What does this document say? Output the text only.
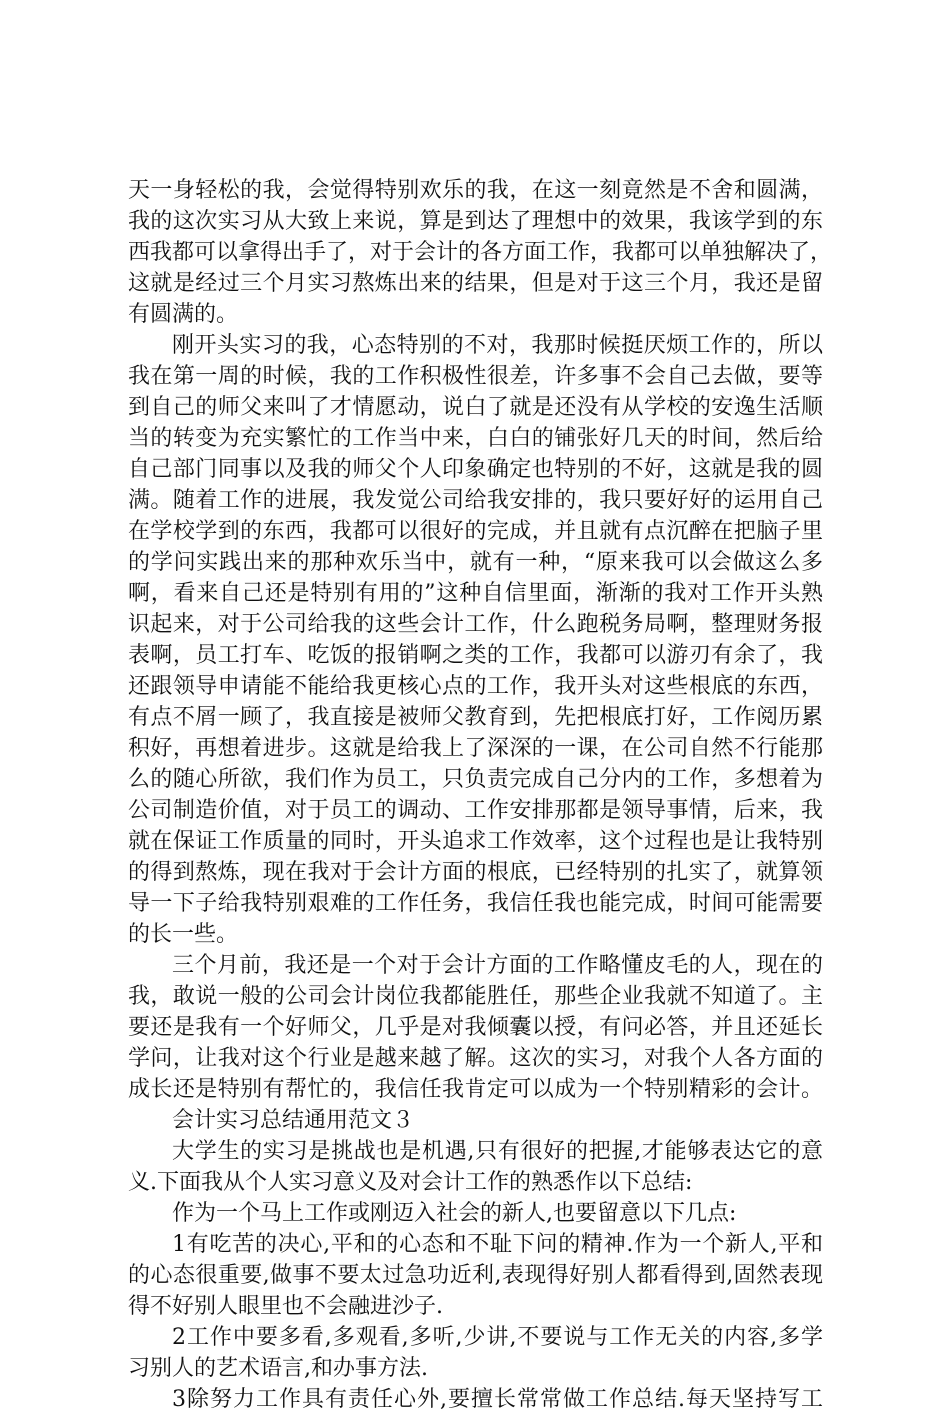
天一身轻松的我，会觉得特别欢乐的我，在这一刻竟然是不舍和圆满，
我的这次实习从大致上来说，算是到达了理想中的效果，我该学到的东
西我都可以拿得出手了，对于会计的各方面工作，我都可以单独解决了，
这就是经过三个月实习熬炼出来的结果，但是对于这三个月，我还是留
有圆满的。
刚开头实习的我，心态特别的不对，我那时候挺厌烦工作的，所以
我在第一周的时候，我的工作积极性很差，许多事不会自己去做，要等
到自己的师父来叫了才情愿动，说白了就是还没有从学校的安逸生活顺
当的转变为充实繁忙的工作当中来，白白的铺张好几天的时间，然后给
自己部门同事以及我的师父个人印象确定也特别的不好，这就是我的圆
满。随着工作的进展，我发觉公司给我安排的，我只要好好的运用自己
在学校学到的东西，我都可以很好的完成，并且就有点沉醉在把脑子里
的学问实践出来的那种欢乐当中，就有一种，“原来我可以会做这么多
啊，看来自己还是特别有用的”这种自信里面，渐渐的我对工作开头熟
识起来，对于公司给我的这些会计工作，什么跑税务局啊，整理财务报
表啊，员工打车、吃饭的报销啊之类的工作，我都可以游刃有余了，我
还跟领导申请能不能给我更核心点的工作，我开头对这些根底的东西，
有点不屑一顾了，我直接是被师父教育到，先把根底打好，工作阅历累
积好，再想着进步。这就是给我上了深深的一课，在公司自然不行能那
么的随心所欲，我们作为员工，只负责完成自己分内的工作，多想着为
公司制造价值，对于员工的调动、工作安排那都是领导事情，后来，我
就在保证工作质量的同时，开头追求工作效率，这个过程也是让我特别
的得到熬炼，现在我对于会计方面的根底，已经特别的扎实了，就算领
导一下子给我特别艰难的工作任务，我信任我也能完成，时间可能需要
的长一些。
三个月前，我还是一个对于会计方面的工作略懂皮毛的人，现在的
我，敢说一般的公司会计岗位我都能胜任，那些企业我就不知道了。主
要还是我有一个好师父，几乎是对我倾囊以授，有问必答，并且还延长
学问，让我对这个行业是越来越了解。这次的实习，对我个人各方面的
成长还是特别有帮忙的，我信任我肯定可以成为一个特别精彩的会计。
会计实习总结通用范文３
大学生的实习是挑战也是机遇,只有很好的把握,才能够表达它的意
义.下面我从个人实习意义及对会计工作的熟悉作以下总结:
作为一个马上工作或刚迈入社会的新人,也要留意以下几点:
1有吃苦的决心,平和的心态和不耻下问的精神.作为一个新人,平和
的心态很重要,做事不要太过急功近利,表现得好别人都看得到,固然表现
得不好别人眼里也不会融进沙子.
2工作中要多看,多观看,多听,少讲,不要说与工作无关的内容,多学
习别人的艺术语言,和办事方法.
3除努力工作具有责任心外,要擅长常常做工作总结.每天坚持写工
